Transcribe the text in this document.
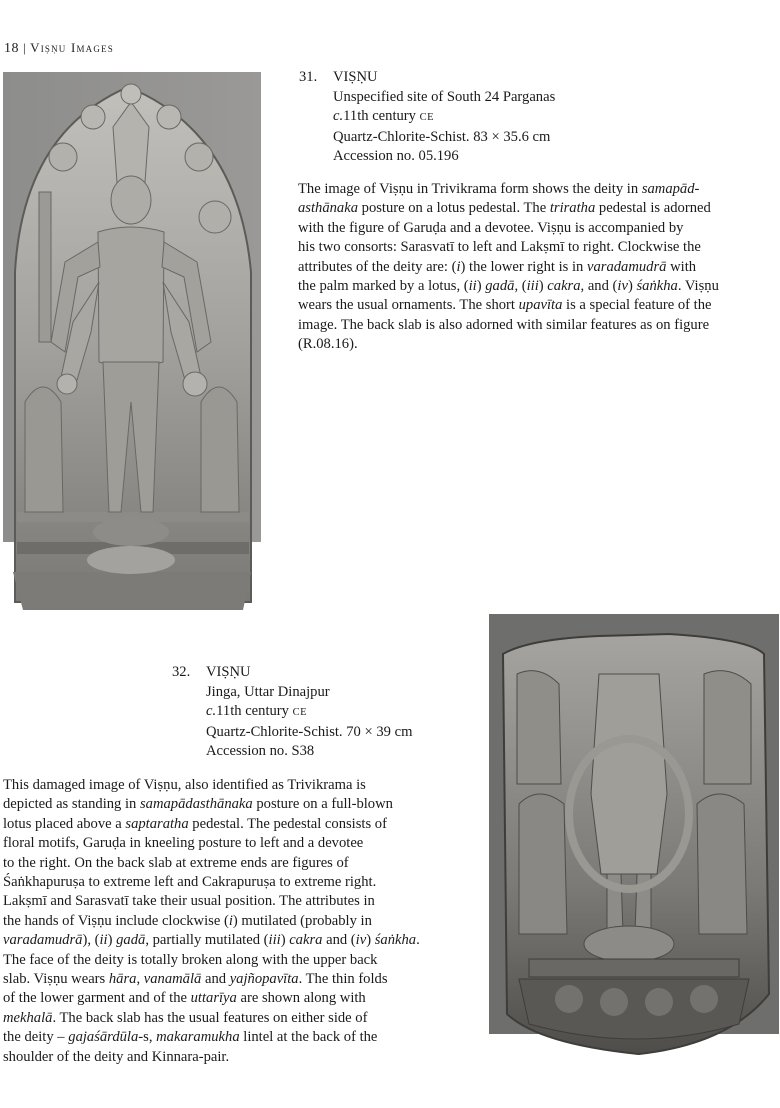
18 | Viṣṇu Images
31. VIṢṆU
Unspecified site of South 24 Parganas
c.11th century CE
Quartz-Chlorite-Schist. 83 × 35.6 cm
Accession no. 05.196
The image of Viṣṇu in Trivikrama form shows the deity in samapād-
asthānaka posture on a lotus pedestal. The triratha pedestal is adorned
with the figure of Garuḍa and a devotee. Viṣṇu is accompanied by
his two consorts: Sarasvatī to left and Lakṣmī to right. Clockwise the
attributes of the deity are: (i) the lower right is in varadamudrā with
the palm marked by a lotus, (ii) gadā, (iii) cakra, and (iv) śaṅkha. Viṣṇu
wears the usual ornaments. The short upavīta is a special feature of the
image. The back slab is also adorned with similar features as on figure
(R.08.16).
32. VIṢṆU
Jinga, Uttar Dinajpur
c.11th century CE
Quartz-Chlorite-Schist. 70 × 39 cm
Accession no. S38
This damaged image of Viṣṇu, also identified as Trivikrama is
depicted as standing in samapādasthānaka posture on a full-blown
lotus placed above a saptaratha pedestal. The pedestal consists of
floral motifs, Garuḍa in kneeling posture to left and a devotee
to the right. On the back slab at extreme ends are figures of
Śaṅkhapuruṣa to extreme left and Cakrapuruṣa to extreme right.
Lakṣmī and Sarasvatī take their usual position. The attributes in
the hands of Viṣṇu include clockwise (i) mutilated (probably in
varadamudrā), (ii) gadā, partially mutilated (iii) cakra and (iv) śaṅkha.
The face of the deity is totally broken along with the upper back
slab. Viṣṇu wears hāra, vanamālā and yajñopavīta. The thin folds
of the lower garment and of the uttarīya are shown along with
mekhalā. The back slab has the usual features on either side of
the deity – gajaśārdūla-s, makaramukha lintel at the back of the
shoulder of the deity and Kinnara-pair.
